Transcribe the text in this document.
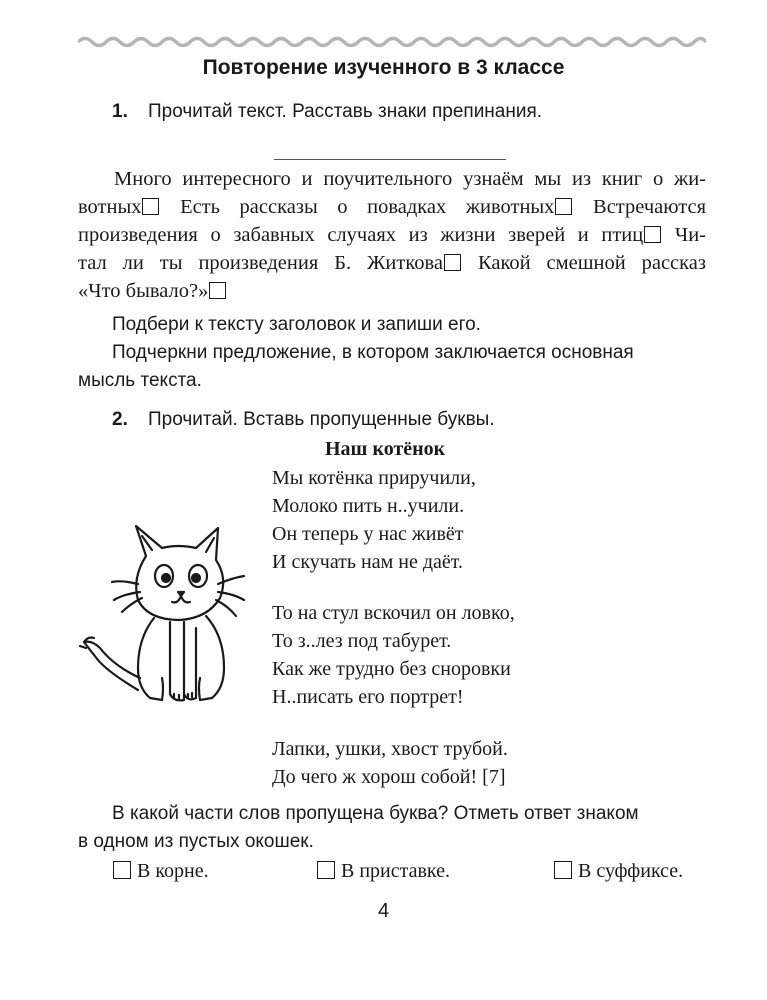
Повторение изученного в 3 классе
1. Прочитай текст. Расставь знаки препинания.
Много интересного и поучительного узнаём мы из книг о жи-
вотных Есть рассказы о повадках животных Встречаются
произведения о забавных случаях из жизни зверей и птиц Чи-
тал ли ты произведения Б. Житкова Какой смешной рассказ
«Что бывало?»
Подбери к тексту заголовок и запиши его.
Подчеркни предложение, в котором заключается основная
мысль текста.
2. Прочитай. Вставь пропущенные буквы.
Наш котёнок
Мы котёнка приручили,
Молоко пить н..учили.
Он теперь у нас живёт
И скучать нам не даёт.
То на стул вскочил он ловко,
То з..лез под табурет.
Как же трудно без сноровки
Н..писать его портрет!
Лапки, ушки, хвост трубой.
До чего ж хорош собой! [7]
В какой части слов пропущена буква? Отметь ответ знаком
в одном из пустых окошек.
В корне.	В приставке.	В суффиксе.
4
